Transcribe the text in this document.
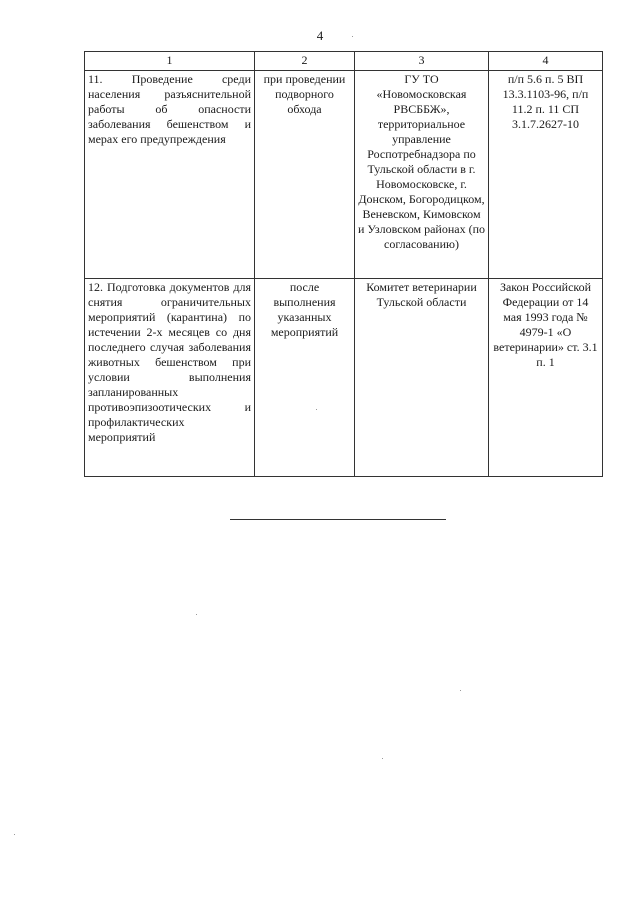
4
1	2	3	4
11. Проведение среди населения разъяснительной работы об опасности заболевания бешенством и мерах его предупреждения	при проведении подворного обхода	ГУ ТО «Новомосковская РВСББЖ», территориальное управление Роспотребнадзора по Тульской области в г. Новомосковске, г. Донском, Богородицком, Веневском, Кимовском и Узловском районах (по согласованию)	п/п 5.6 п. 5 ВП 13.3.1103-96, п/п 11.2 п. 11 СП 3.1.7.2627-10
12. Подготовка документов для снятия ограничительных мероприятий (карантина) по истечении 2-х месяцев со дня последнего случая заболевания животных бешенством при условии выполнения запланированных противоэпизоотических и профилактических мероприятий	после выполнения указанных мероприятий	Комитет ветеринарии Тульской области	Закон Российской Федерации от 14 мая 1993 года № 4979-1 «О ветеринарии» ст. 3.1 п. 1
